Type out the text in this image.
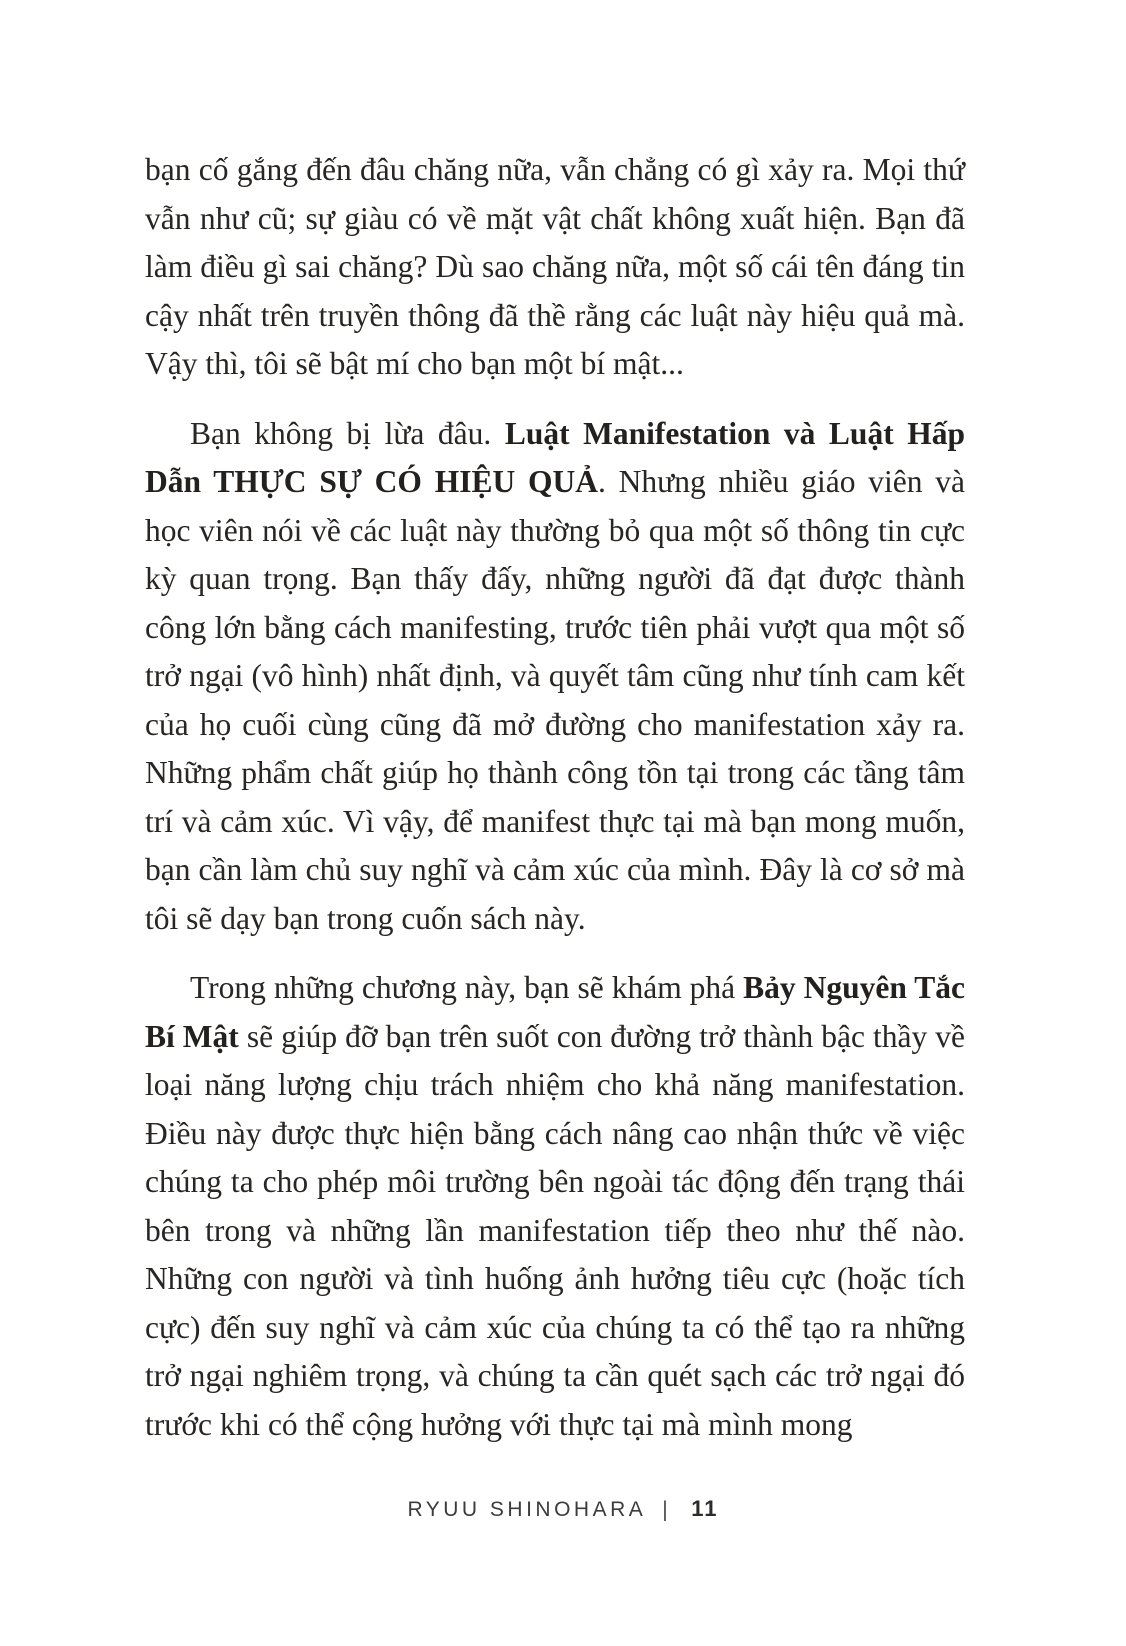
bạn cố gắng đến đâu chăng nữa, vẫn chẳng có gì xảy ra. Mọi thứ vẫn như cũ; sự giàu có về mặt vật chất không xuất hiện. Bạn đã làm điều gì sai chăng? Dù sao chăng nữa, một số cái tên đáng tin cậy nhất trên truyền thông đã thề rằng các luật này hiệu quả mà. Vậy thì, tôi sẽ bật mí cho bạn một bí mật...

Bạn không bị lừa đâu. Luật Manifestation và Luật Hấp Dẫn THỰC SỰ CÓ HIỆU QUẢ. Nhưng nhiều giáo viên và học viên nói về các luật này thường bỏ qua một số thông tin cực kỳ quan trọng. Bạn thấy đấy, những người đã đạt được thành công lớn bằng cách manifesting, trước tiên phải vượt qua một số trở ngại (vô hình) nhất định, và quyết tâm cũng như tính cam kết của họ cuối cùng cũng đã mở đường cho manifestation xảy ra. Những phẩm chất giúp họ thành công tồn tại trong các tầng tâm trí và cảm xúc. Vì vậy, để manifest thực tại mà bạn mong muốn, bạn cần làm chủ suy nghĩ và cảm xúc của mình. Đây là cơ sở mà tôi sẽ dạy bạn trong cuốn sách này.

Trong những chương này, bạn sẽ khám phá Bảy Nguyên Tắc Bí Mật sẽ giúp đỡ bạn trên suốt con đường trở thành bậc thầy về loại năng lượng chịu trách nhiệm cho khả năng manifestation. Điều này được thực hiện bằng cách nâng cao nhận thức về việc chúng ta cho phép môi trường bên ngoài tác động đến trạng thái bên trong và những lần manifestation tiếp theo như thế nào. Những con người và tình huống ảnh hưởng tiêu cực (hoặc tích cực) đến suy nghĩ và cảm xúc của chúng ta có thể tạo ra những trở ngại nghiêm trọng, và chúng ta cần quét sạch các trở ngại đó trước khi có thể cộng hưởng với thực tại mà mình mong

RYUU SHINOHARA | 11
